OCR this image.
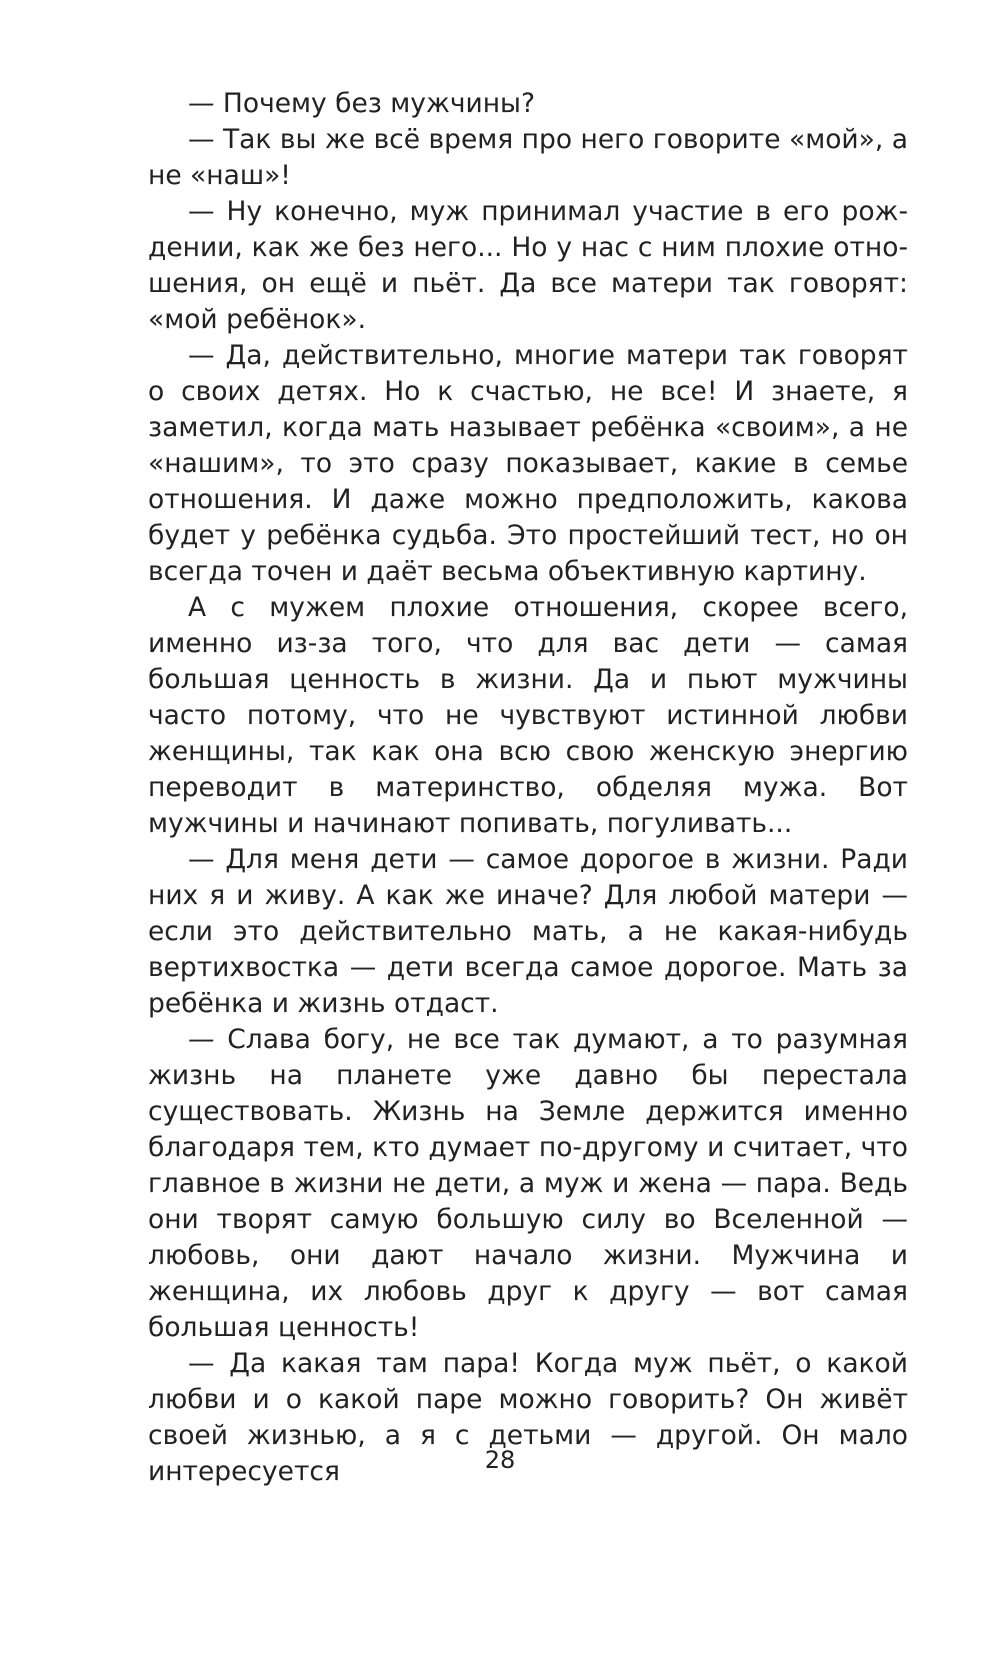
— Почему без мужчины?

— Так вы же всё время про него говорите «мой», а не «наш»!

— Ну конечно, муж принимал участие в его рождении, как же без него... Но у нас с ним плохие отношения, он ещё и пьёт. Да все матери так говорят: «мой ребёнок».

— Да, действительно, многие матери так говорят о своих детях. Но к счастью, не все! И знаете, я заметил, когда мать называет ребёнка «своим», а не «нашим», то это сразу показывает, какие в семье отношения. И даже можно предположить, какова будет у ребёнка судьба. Это простейший тест, но он всегда точен и даёт весьма объективную картину.

А с мужем плохие отношения, скорее всего, именно из-за того, что для вас дети — самая большая ценность в жизни. Да и пьют мужчины часто потому, что не чувствуют истинной любви женщины, так как она всю свою женскую энергию переводит в материнство, обделяя мужа. Вот мужчины и начинают попивать, погуливать...

— Для меня дети — самое дорогое в жизни. Ради них я и живу. А как же иначе? Для любой матери — если это действительно мать, а не какая-нибудь вертихвостка — дети всегда самое дорогое. Мать за ребёнка и жизнь отдаст.

— Слава богу, не все так думают, а то разумная жизнь на планете уже давно бы перестала существовать. Жизнь на Земле держится именно благодаря тем, кто думает по-другому и считает, что главное в жизни не дети, а муж и жена — пара. Ведь они творят самую большую силу во Вселенной — любовь, они дают начало жизни. Мужчина и женщина, их любовь друг к другу — вот самая большая ценность!

— Да какая там пара! Когда муж пьёт, о какой любви и о какой паре можно говорить? Он живёт своей жизнью, а я с детьми — другой. Он мало интересуется	28
